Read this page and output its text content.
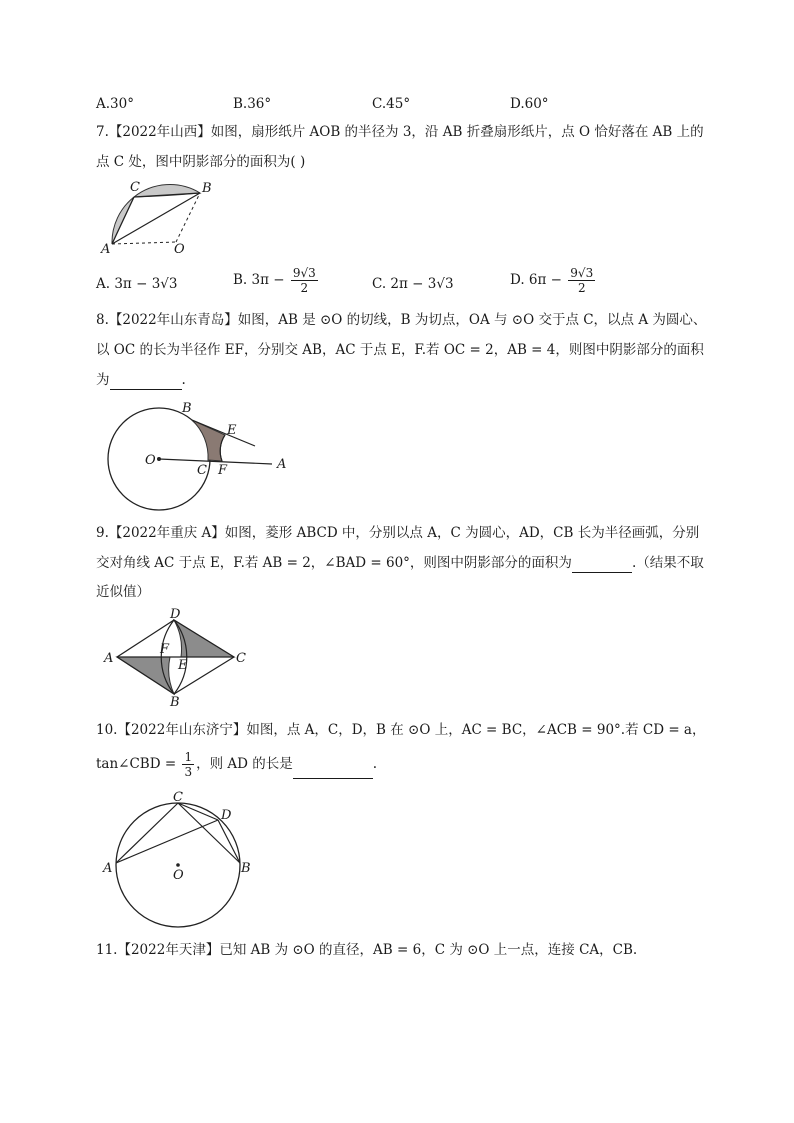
A.30°	B.36°	C.45°	D.60°
7.【2022年山西】如图，扇形纸片 AOB 的半径为 3，沿 AB 折叠扇形纸片，点 O 恰好落在 AB 上的
点 C 处，图中阴影部分的面积为( )
C	B
A	O
A. 3π − 3√3	B. $3\pi - \frac{9√3}{2}$	C. 2π − 3√3	D. $6\pi - \frac{9√3}{2}$
8.【2022年山东青岛】如图，AB 是 ⊙O 的切线，B 为切点，OA 与 ⊙O 交于点 C，以点 A 为圆心、
以 OC 的长为半径作 EF，分别交 AB，AC 于点 E，F.若 OC = 2，AB = 4，则图中阴影部分的面积
为	.
B
E
O
C F	A
9.【2022年重庆 A】如图，菱形 ABCD 中，分别以点 A，C 为圆心，AD，CB 长为半径画弧，分别
交对角线 AC 于点 E，F.若 AB = 2，∠BAD = 60°，则图中阴影部分的面积为	.（结果不取
近似值）
D
A
F
E	C
B
10.【2022年山东济宁】如图，点 A，C，D，B 在 ⊙O 上，AC = BC，∠ACB = 90°.若 CD = a，
tan∠CBD = $\frac{1}{3}$ ，则 AD 的长是	.
C
D
A	O	B
11.【2022年天津】已知 AB 为 ⊙O 的直径，AB = 6，C 为 ⊙O 上一点，连接 CA，CB.
